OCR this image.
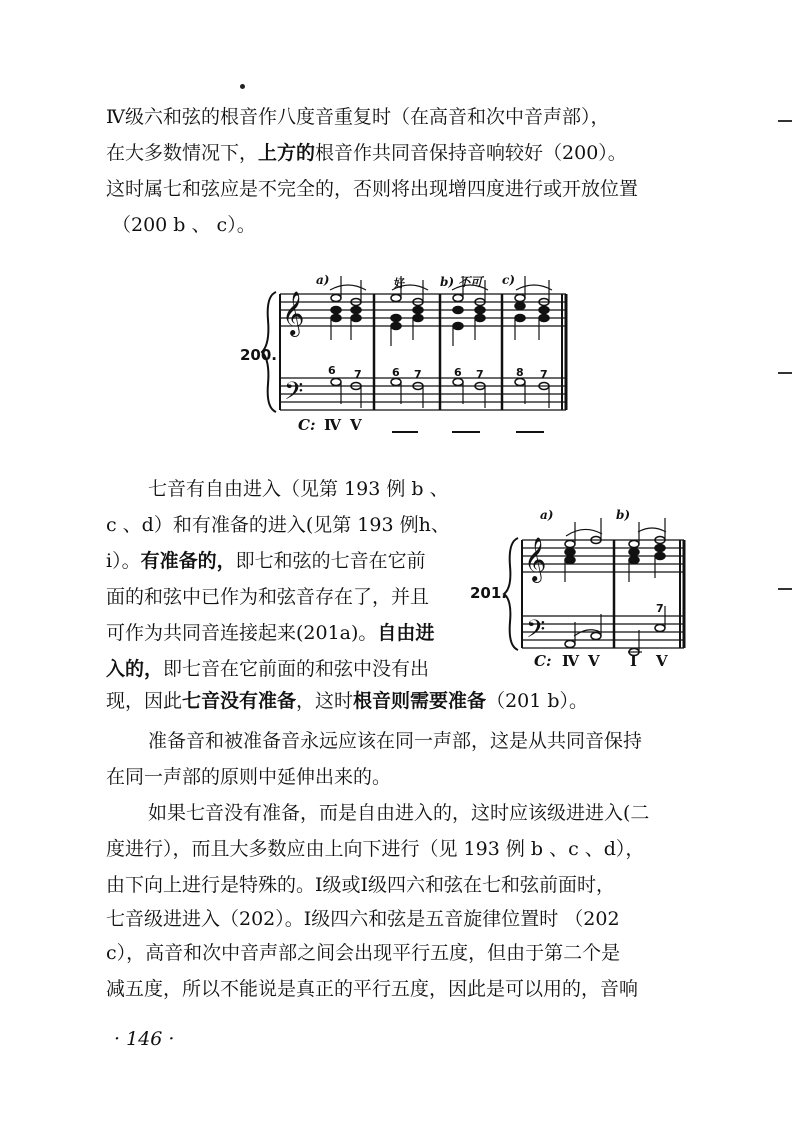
Ⅳ级六和弦的根音作八度音重复时（在高音和次中音声部），
在大多数情况下，上方的根音作共同音保持音响较好（200）。
这时属七和弦应是不完全的，否则将出现增四度进行或开放位置
（200 b 、 c）。
𝄞
𝄢
a)	好	b) 不可 c)
200.
6 7	6 7	6 7	8 7
C: Ⅳ Ⅴ
七音有自由进入（见第 193 例 b 、
c 、d）和有准备的进入(见第 193 例h、
i）。有准备的，即七和弦的七音在它前
面的和弦中已作为和弦音存在了，并且
可作为共同音连接起来(201a)。自由进
入的，即七音在它前面的和弦中没有出
现，因此七音没有准备，这时根音则需要准备（201 b）。
𝄞
𝄢
a)	b)
201.
7
C: Ⅳ Ⅴ Ⅰ Ⅴ
准备音和被准备音永远应该在同一声部，这是从共同音保持
在同一声部的原则中延伸出来的。
如果七音没有准备，而是自由进入的，这时应该级进进入(二
度进行），而且大多数应由上向下进行（见 193 例 b 、c 、d），
由下向上进行是特殊的。Ⅰ级或Ⅰ级四六和弦在七和弦前面时，
七音级进进入（202）。Ⅰ级四六和弦是五音旋律位置时 （202
c），高音和次中音声部之间会出现平行五度，但由于第二个是
减五度，所以不能说是真正的平行五度，因此是可以用的，音响
· 146 ·
